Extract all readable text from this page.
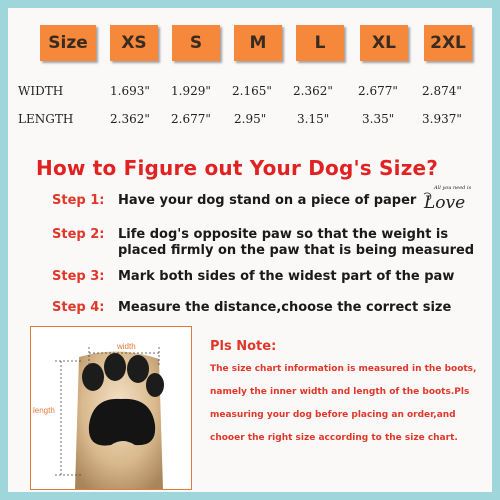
Size	XS	S	M	L	XL	2XL
WIDTH	1.693" 1.929" 2.165" 2.362" 2.677" 2.874"
LENGTH	2.362" 2.677" 2.95"	3.15"	3.35" 3.937"
How to Figure out Your Dog's Size?
Step 1: Have your dog stand on a piece of paper
Step 2: Life dog's opposite paw so that the weight is placed firmly on the paw that is being measured
Step 3: Mark both sides of the widest part of the paw
Step 4: Measure the distance,choose the correct size
All you need is
Love
width
length
Pls Note:
The size chart information is measured in the boots, namely the inner width and length of the boots.Pls measuring your dog before placing an order,and chooer the right size according to the size chart.
